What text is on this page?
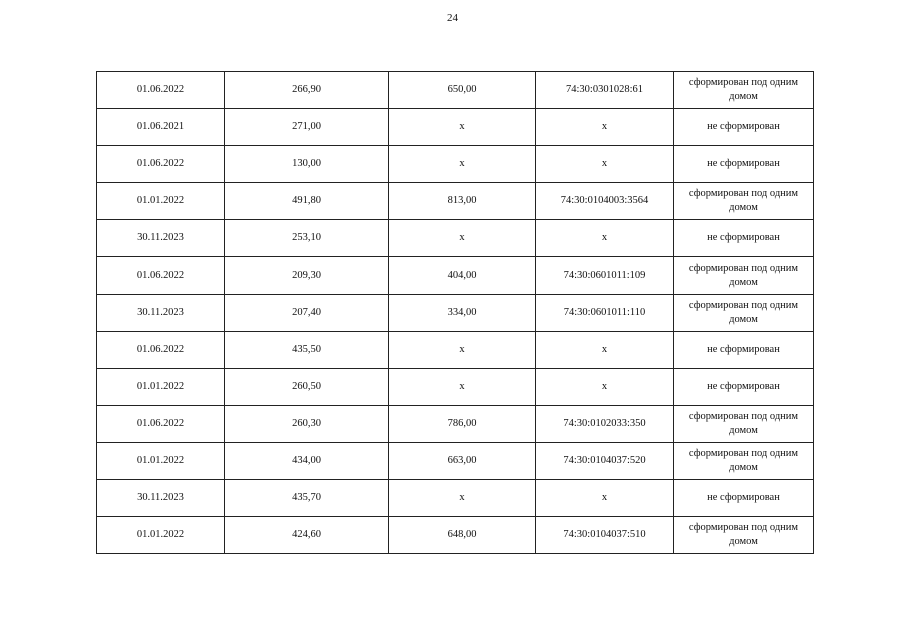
24
01.06.2022	266,90	650,00	74:30:0301028:61	сформирован под одним домом
01.06.2021	271,00	х	х	не сформирован
01.06.2022	130,00	х	х	не сформирован
01.01.2022	491,80	813,00	74:30:0104003:3564	сформирован под одним домом
30.11.2023	253,10	х	х	не сформирован
01.06.2022	209,30	404,00	74:30:0601011:109	сформирован под одним домом
30.11.2023	207,40	334,00	74:30:0601011:110	сформирован под одним домом
01.06.2022	435,50	х	х	не сформирован
01.01.2022	260,50	х	х	не сформирован
01.06.2022	260,30	786,00	74:30:0102033:350	сформирован под одним домом
01.01.2022	434,00	663,00	74:30:0104037:520	сформирован под одним домом
30.11.2023	435,70	х	х	не сформирован
01.01.2022	424,60	648,00	74:30:0104037:510	сформирован под одним домом
